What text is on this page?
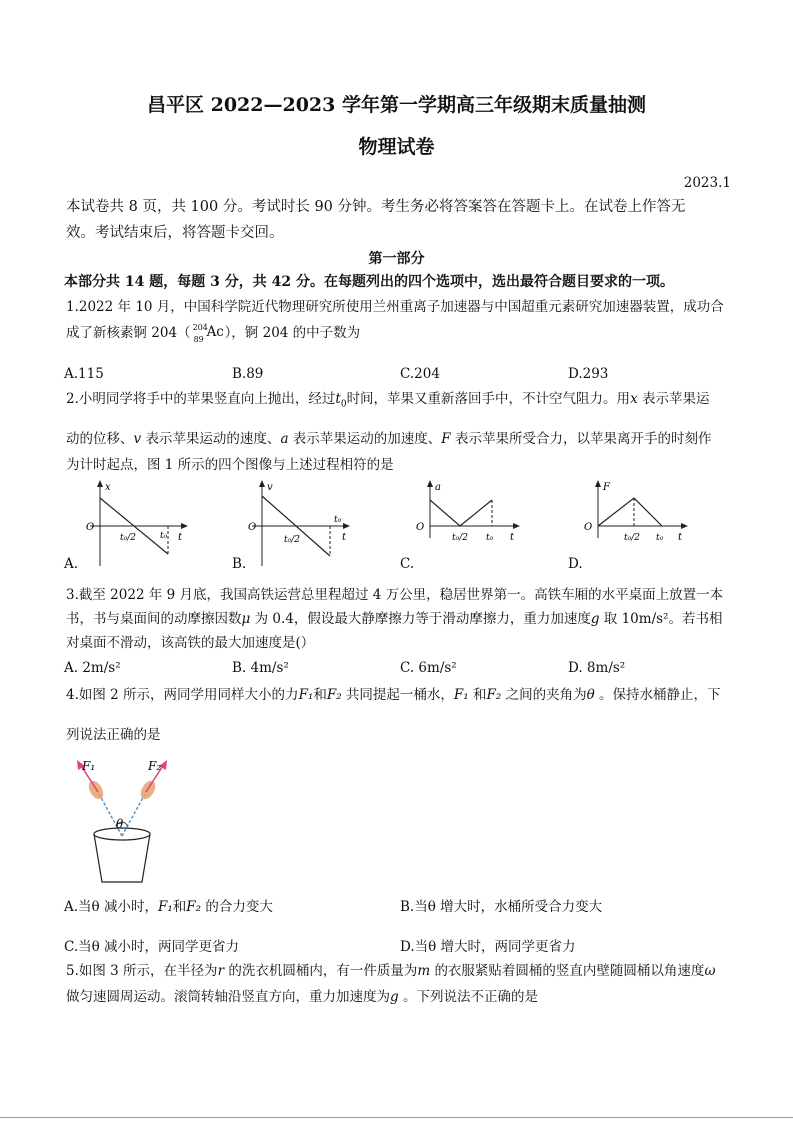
昌平区 2022—2023 学年第一学期高三年级期末质量抽测
物理试卷
2023.1
本试卷共 8 页，共 100 分。考试时长 90 分钟。考生务必将答案答在答题卡上。在试卷上作答无
效。考试结束后，将答题卡交回。
第一部分
本部分共 14 题，每题 3 分，共 42 分。在每题列出的四个选项中，选出最符合题目要求的一项。
1.2022 年 10 月，中国科学院近代物理研究所使用兰州重离子加速器与中国超重元素研究加速器装置，成功合
成了新核素锕 204（ 204
89 Ac ），锕 204 的中子数为
A.115	B.89	C.204	D.293
2.小明同学将手中的苹果竖直向上抛出，经过$t_0$时间，苹果又重新落回手中，不计空气阻力。用x 表示苹果运
动的位移、v 表示苹果运动的速度、a 表示苹果运动的加速度、F 表示苹果所受合力，以苹果离开手的时刻作
为计时起点，图 1 所示的四个图像与上述过程相符的是
x
O
t₀/2	t₀ t
A.
v
O
t₀/2
t₀
t
B.
a
O
t₀/2 t₀ t
C.
F
O
t₀/2 t₀ t
D.
3.截至 2022 年 9 月底，我国高铁运营总里程超过 4 万公里，稳居世界第一。高铁车厢的水平桌面上放置一本
书，书与桌面间的动摩擦因数μ 为 0.4，假设最大静摩擦力等于滑动摩擦力，重力加速度g 取 10m/s²。若书相
对桌面不滑动，该高铁的最大加速度是(）
A. 2m/s²	B. 4m/s²	C. 6m/s²	D. 8m/s²
4.如图 2 所示，两同学用同样大小的力F₁和F₂ 共同提起一桶水，F₁ 和F₂ 之间的夹角为θ 。保持水桶静止，下
列说法正确的是
F₁	F₂
θ
A.当θ 减小时，F₁和F₂ 的合力变大	B.当θ 增大时，水桶所受合力变大
C.当θ 减小时，两同学更省力	D.当θ 增大时，两同学更省力
5.如图 3 所示，在半径为r 的洗衣机圆桶内，有一件质量为m 的衣服紧贴着圆桶的竖直内壁随圆桶以角速度ω
做匀速圆周运动。滚筒转轴沿竖直方向，重力加速度为g 。下列说法不正确的是
